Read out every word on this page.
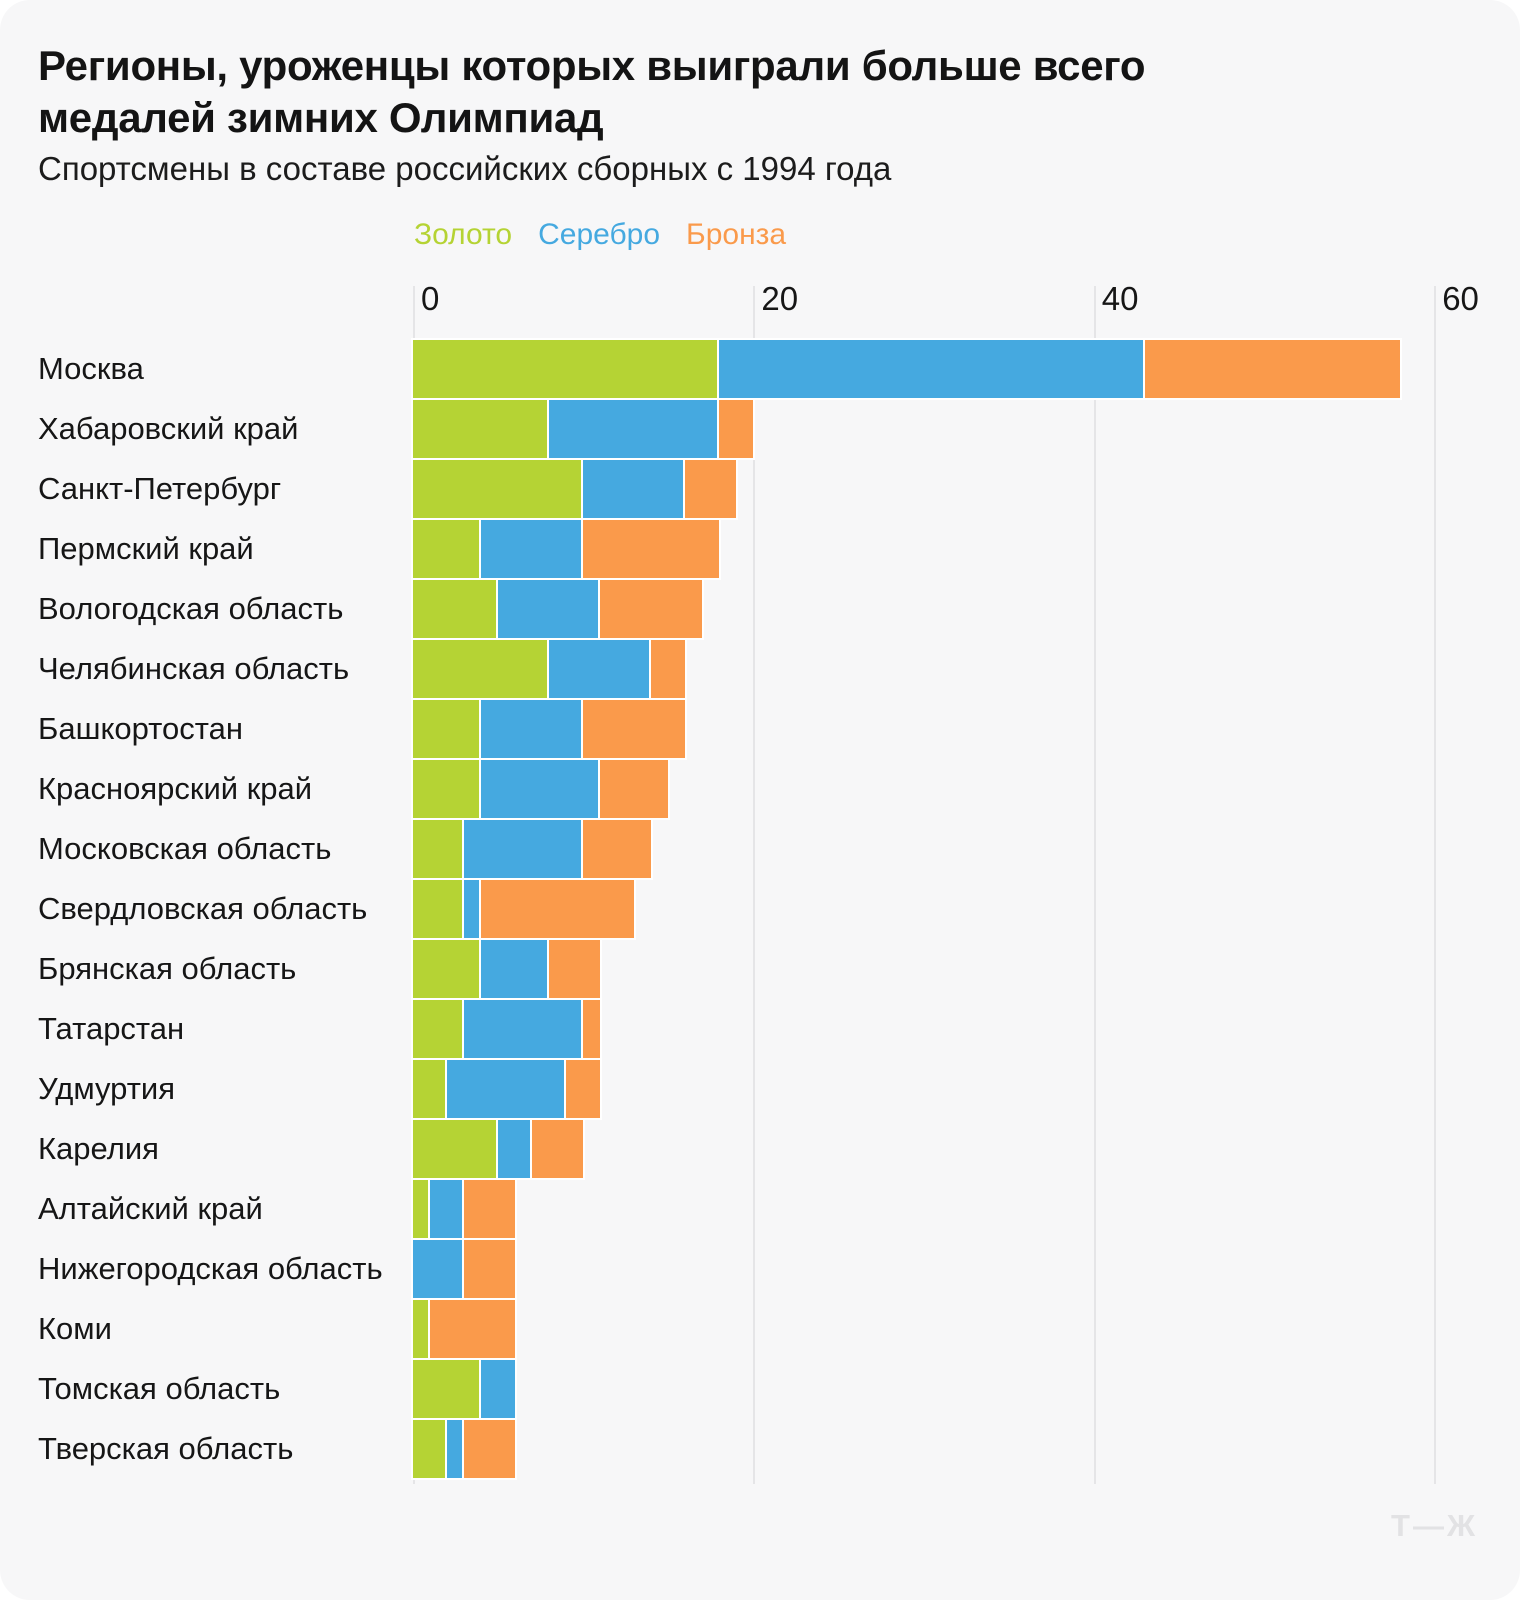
Регионы, уроженцы которых выиграли больше всего медалей зимних Олимпиад

Спортсмены в составе российских сборных с 1994 года

Золото Серебро Бронза
0	20	40	60
Москва
Хабаровский край
Санкт-Петербург
Пермский край
Вологодская область
Челябинская область
Башкортостан
Красноярский край
Московская область
Свердловская область
Брянская область
Татарстан
Удмуртия
Карелия
Алтайский край
Нижегородская область
Коми
Томская область
Тверская область
Т—Ж
